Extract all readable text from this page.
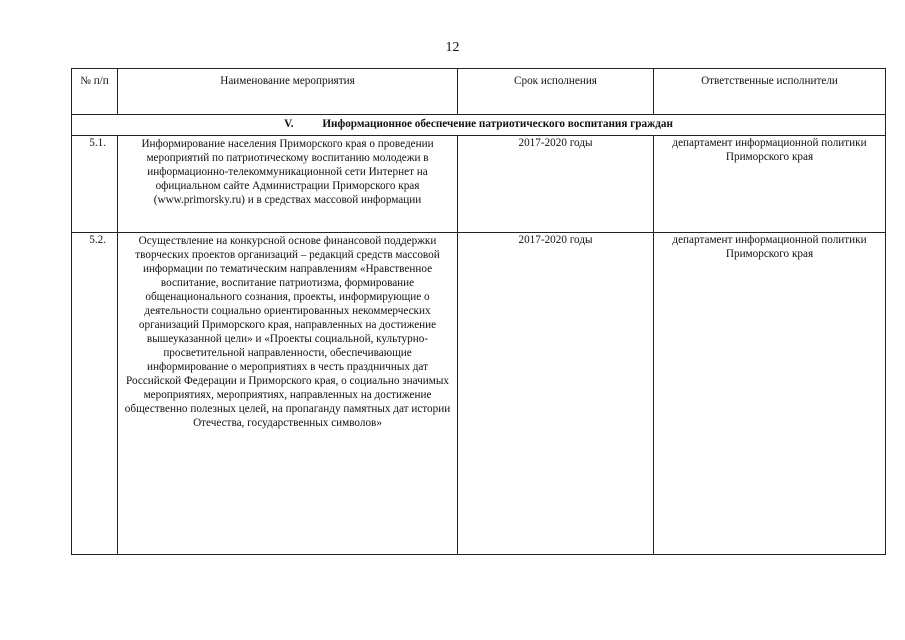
12
№ п/п	Наименование мероприятия	Срок исполнения	Ответственные исполнители
V. Информационное обеспечение патриотического воспитания граждан			
5.1.	Информирование населения Приморского края о проведении мероприятий по патриотическому воспитанию молодежи в информационно-телекоммуникационной сети Интернет на официальном сайте Администрации Приморского края (www.primorsky.ru) и в средствах массовой информации	2017-2020 годы	департамент информационной политики Приморского края
5.2.	Осуществление на конкурсной основе финансовой поддержки творческих проектов организаций – редакций средств массовой информации по тематическим направлениям «Нравственное воспитание, воспитание патриотизма, формирование общенационального сознания, проекты, информирующие о деятельности социально ориентированных некоммерческих организаций Приморского края, направленных на достижение вышеуказанной цели» и «Проекты социальной, культурно-просветительной направленности, обеспечивающие информирование о мероприятиях в честь праздничных дат Российской Федерации и Приморского края, о социально значимых мероприятиях, мероприятиях, направленных на достижение общественно полезных целей, на пропаганду памятных дат истории Отечества, государственных символов»	2017-2020 годы	департамент информационной политики Приморского края
